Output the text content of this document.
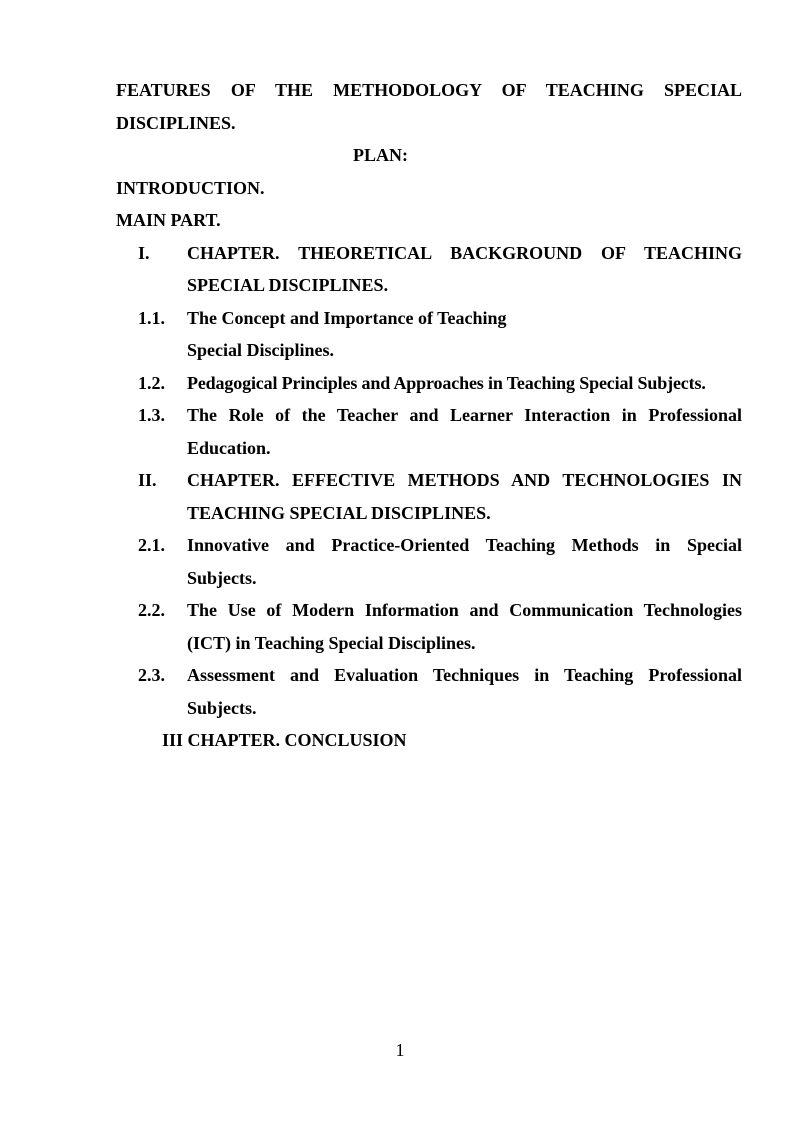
FEATURES OF THE METHODOLOGY OF TEACHING SPECIAL DISCIPLINES.

PLAN:

INTRODUCTION.

MAIN PART.

I. CHAPTER. THEORETICAL BACKGROUND OF TEACHING SPECIAL DISCIPLINES.
1.1. The Concept and Importance of Teaching
Special Disciplines.
1.2. Pedagogical Principles and Approaches in Teaching Special Subjects.
1.3. The Role of the Teacher and Learner Interaction in Professional Education.
II. CHAPTER. EFFECTIVE METHODS AND TECHNOLOGIES IN TEACHING SPECIAL DISCIPLINES.
2.1. Innovative and Practice-Oriented Teaching Methods in Special Subjects.
2.2. The Use of Modern Information and Communication Technologies (ICT) in Teaching Special Disciplines.
2.3. Assessment and Evaluation Techniques in Teaching Professional Subjects.

III CHAPTER. CONCLUSION

1
